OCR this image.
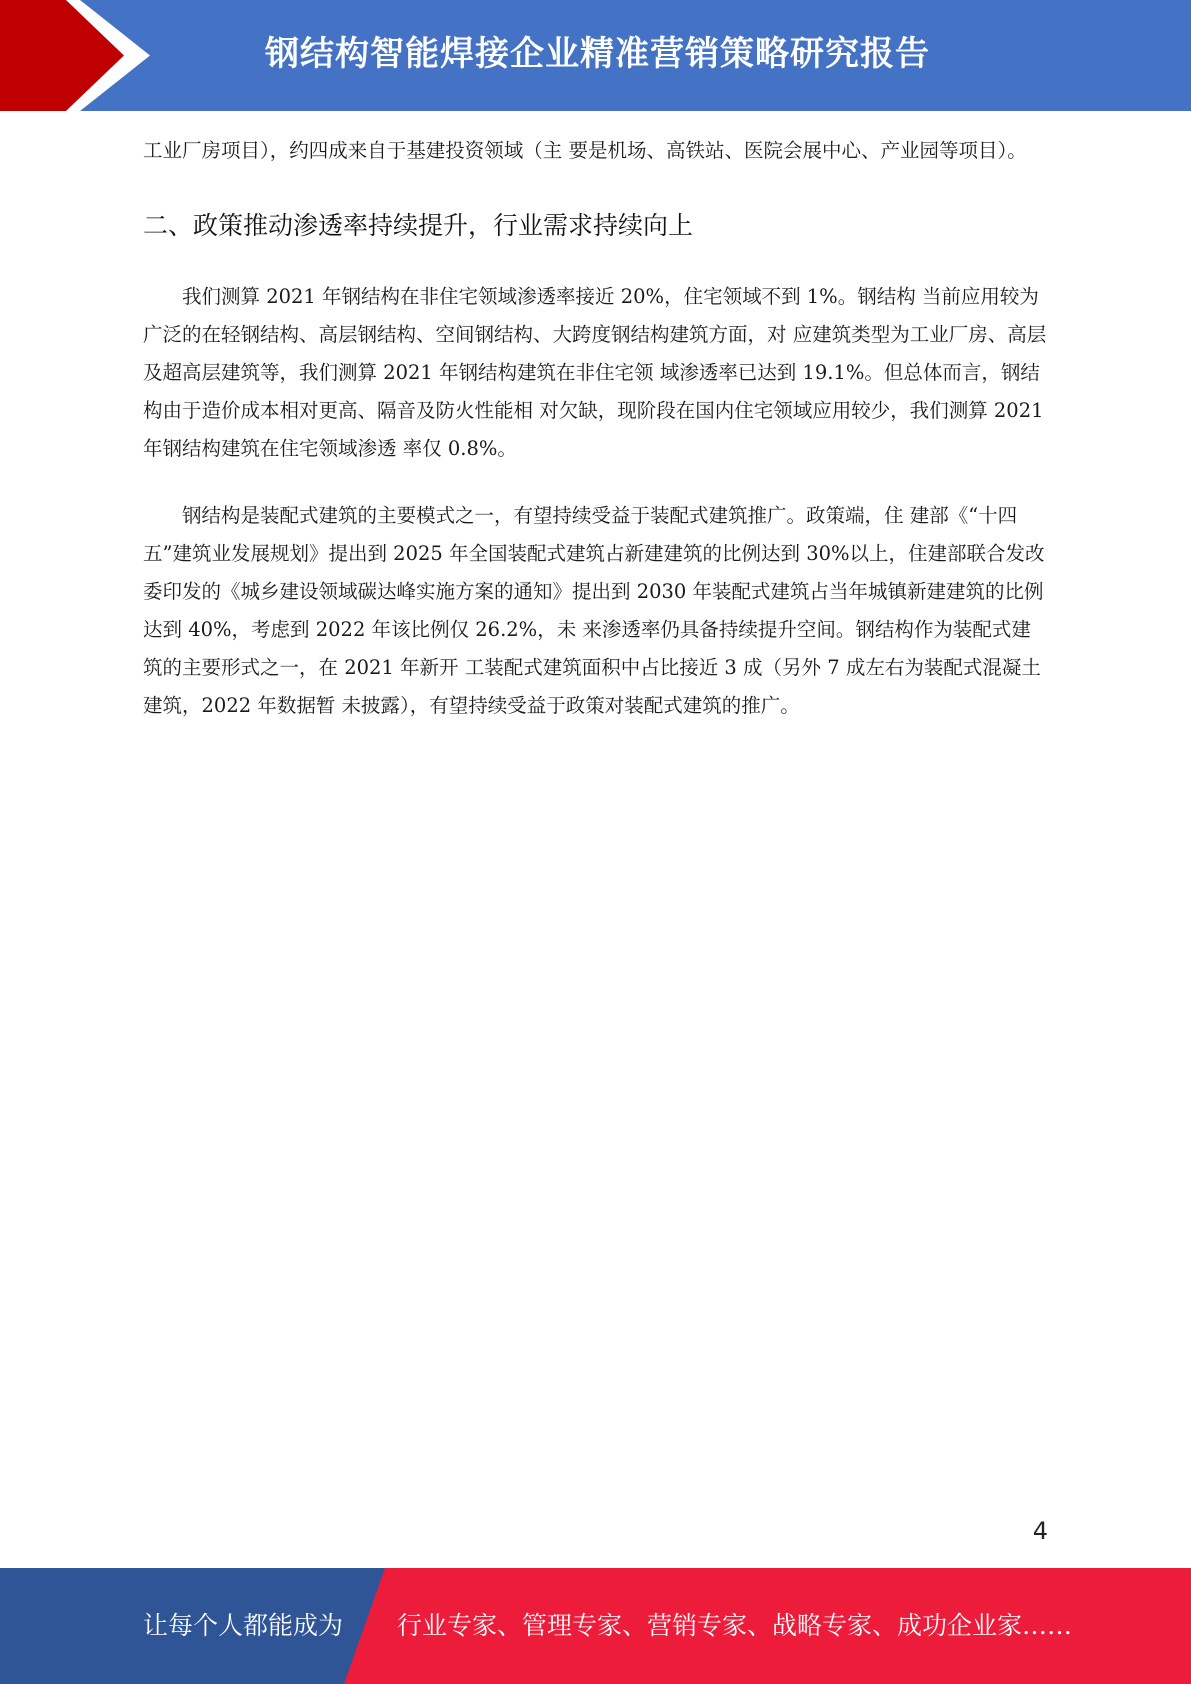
钢结构智能焊接企业精准营销策略研究报告

工业厂房项目），约四成来自于基建投资领域（主 要是机场、高铁站、医院会展中心、产业园等项目）。

二、政策推动渗透率持续提升，行业需求持续向上

我们测算 2021 年钢结构在非住宅领域渗透率接近 20%，住宅领域不到 1%。钢结构 当前应用较为广泛的在轻钢结构、高层钢结构、空间钢结构、大跨度钢结构建筑方面，对 应建筑类型为工业厂房、高层及超高层建筑等，我们测算 2021 年钢结构建筑在非住宅领 域渗透率已达到 19.1%。但总体而言，钢结构由于造价成本相对更高、隔音及防火性能相 对欠缺，现阶段在国内住宅领域应用较少，我们测算 2021 年钢结构建筑在住宅领域渗透 率仅 0.8%。

钢结构是装配式建筑的主要模式之一，有望持续受益于装配式建筑推广。政策端，住 建部《“十四五”建筑业发展规划》提出到 2025 年全国装配式建筑占新建建筑的比例达到 30%以上，住建部联合发改委印发的《城乡建设领域碳达峰实施方案的通知》提出到 2030 年装配式建筑占当年城镇新建建筑的比例达到 40%，考虑到 2022 年该比例仅 26.2%，未 来渗透率仍具备持续提升空间。钢结构作为装配式建筑的主要形式之一，在 2021 年新开 工装配式建筑面积中占比接近 3 成（另外 7 成左右为装配式混凝土建筑，2022 年数据暂 未披露），有望持续受益于政策对装配式建筑的推广。

4
让每个人都能成为 行业专家、管理专家、营销专家、战略专家、成功企业家……
